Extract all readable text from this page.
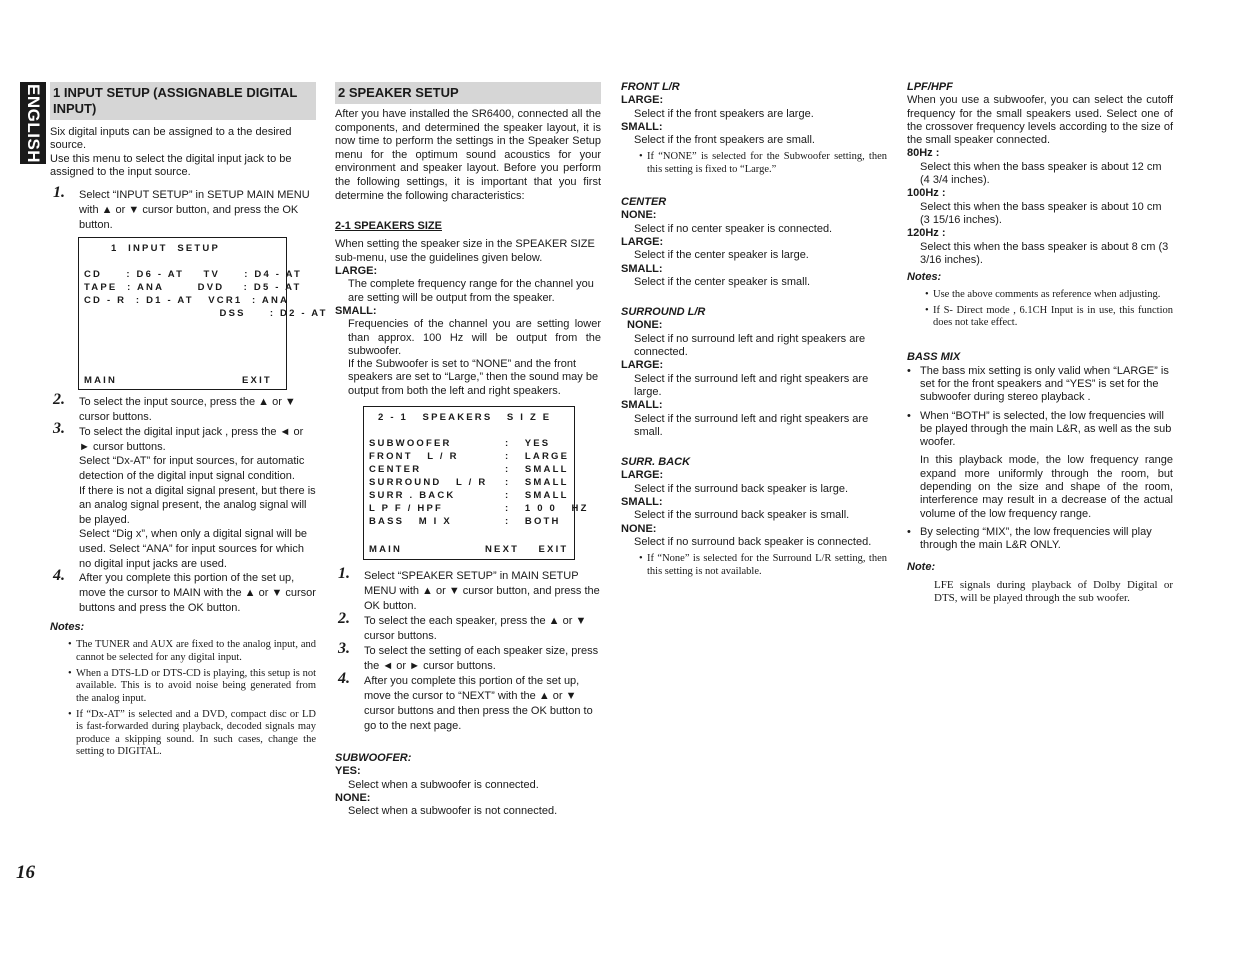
ENGLISH 1 INPUT SETUP (ASSIGNABLE DIGITAL INPUT)

Six digital inputs can be assigned to a the desired source.

Use this menu to select the digital input jack to be assigned to the input source.

1. Select “INPUT SETUP” in SETUP MAIN MENU with ▲ or ▼ cursor button, and press the OK button.
1  INPUT  SETUP
CD     : D6 - AT    TV     : D4 - AT
TAPE  : ANA       DVD    : D5 - AT
CD - R  : D1 - AT   VCR1  : ANA
DSS     : D2 - AT
MAIN	EXIT
2. To select the input source, press the ▲ or ▼ cursor buttons.
3. To select the digital input jack , press the ◄ or ► cursor buttons.

Select “Dx-AT” for input sources, for automatic detection of the digital input signal condition.

If there is not a digital signal present, but there is an analog signal present, the analog signal will be played.

Select “Dig x”, when only a digital signal will be used. Select “ANA” for input sources for which no digital input jacks are used.

4. After you complete this portion of the set up, move the cursor to MAIN with the ▲ or ▼ cursor buttons and press the OK button.

Notes:

• The TUNER and AUX are fixed to the analog input, and cannot be selected for any digital input.
• When a DTS-LD or DTS-CD is playing, this setup is not available. This is to avoid noise being generated from the analog input.
• If “Dx-AT” is selected and a DVD, compact disc or LD is fast-forwarded during playback, decoded signals may produce a skipping sound. In such cases, change the setting to DIGITAL.
2 SPEAKER SETUP

After you have installed the SR6400, connected all the components, and determined the speaker layout, it is now time to perform the settings in the Speaker Setup menu for the optimum sound acoustics for your environment and speaker layout. Before you perform the following settings, it is important that you first determine the following characteristics:

2-1 SPEAKERS SIZE

When setting the speaker size in the SPEAKER SIZE sub-menu, use the guidelines given below.

LARGE:

The complete frequency range for the channel you are setting will be output from the speaker.

SMALL:

Frequencies of the channel you are setting lower than approx. 100 Hz will be output from the subwoofer.

If the Subwoofer is set to “NONE” and the front speakers are set to “Large,” then the sound may be output from both the left and right speakers.

2 - 1   SPEAKERS   S I Z E
SUBWOOFER
FRONT   L / R
CENTER
SURROUND   L / R
SURR . BACK
L P F / HPF
BASS   M I X
:   YES
:   LARGE
:   SMALL
:   SMALL
:   SMALL
:   1 0 0   HZ
:   BOTH
MAIN	NEXT    EXIT
1. Select “SPEAKER SETUP” in MAIN SETUP MENU with ▲ or ▼ cursor button, and press the OK button.
2. To select the each speaker, press the ▲ or ▼ cursor buttons.
3. To select the setting of each speaker size, press the ◄ or ► cursor buttons.
4. After you complete this portion of the set up, move the cursor to “NEXT” with the ▲ or ▼ cursor buttons and then press the OK button to go to the next page.

SUBWOOFER:

YES:

Select when a subwoofer is connected.

NONE:

Select when a subwoofer is not connected.

FRONT L/R

LARGE:

Select if the front speakers are large.

SMALL:

Select if the front speakers are small.

• If “NONE” is selected for the Subwoofer setting, then this setting is fixed to “Large.”

CENTER

NONE:

Select if no center speaker is connected.

LARGE:

Select if the center speaker is large.

SMALL:

Select if the center speaker is small.

SURROUND L/R

NONE:

Select if no surround left and right speakers are connected.

LARGE:

Select if the surround left and right speakers are large.

SMALL:

Select if the surround left and right speakers are small.

SURR. BACK

LARGE:

Select if the surround back speaker is large.

SMALL:

Select if the surround back speaker is small.

NONE:

Select if no surround back speaker is connected.

• If “None” is selected for the Surround L/R setting, then this setting is not available.

LPF/HPF

When you use a subwoofer, you can select the cutoff frequency for the small speakers used. Select one of the crossover frequency levels according to the size of the small speaker connected.

80Hz :

Select this when the bass speaker is about 12 cm (4 3/4 inches).

100Hz :

Select this when the bass speaker is about 10 cm (3 15/16 inches).

120Hz :

Select this when the bass speaker is about 8 cm (3 3/16 inches).

Notes:

• Use the above comments as reference when adjusting.
• If S- Direct mode , 6.1CH Input is in use, this function does not take effect.

BASS MIX

• The bass mix setting is only valid when “LARGE” is set for the front speakers and “YES” is set for the subwoofer during stereo playback .
• When “BOTH” is selected, the low frequencies will be played through the main L&R, as well as the sub woofer.

In this playback mode, the low frequency range expand more uniformly through the room, but depending on the size and shape of the room, interference may result in a decrease of the actual volume of the low frequency range.

• By selecting “MIX”, the low frequencies will play through the main L&R ONLY.

Note:

LFE signals during playback of Dolby Digital or DTS, will be played through the sub woofer.

16
